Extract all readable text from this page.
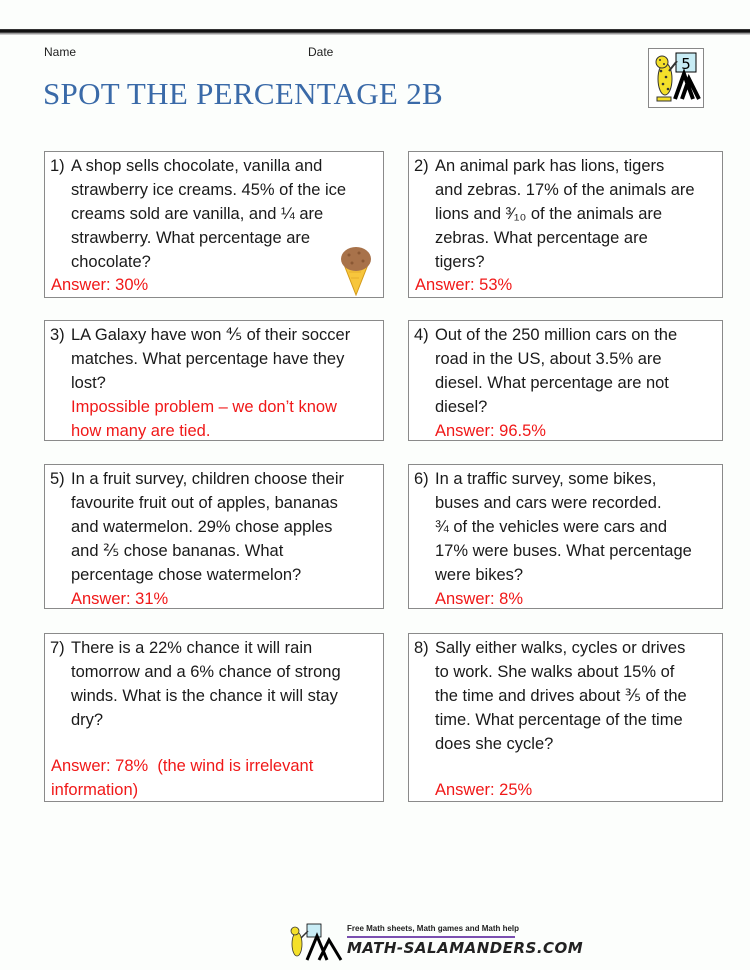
Name	Date
SPOT THE PERCENTAGE 2B
5
1) A shop sells chocolate, vanilla and
strawberry ice creams. 45% of the ice
creams sold are vanilla, and ¼ are
strawberry. What percentage are
chocolate?
Answer: 30%
2) An animal park has lions, tigers
and zebras. 17% of the animals are
lions and ³⁄₁₀ of the animals are
zebras. What percentage are
tigers?
Answer: 53%
3) LA Galaxy have won ⅘ of their soccer
matches. What percentage have they
lost?
Impossible problem – we don’t know
how many are tied.
4) Out of the 250 million cars on the
road in the US, about 3.5% are
diesel. What percentage are not
diesel?
Answer: 96.5%
5) In a fruit survey, children choose their
favourite fruit out of apples, bananas
and watermelon. 29% chose apples
and ⅖ chose bananas. What
percentage chose watermelon?
Answer: 31%
6) In a traffic survey, some bikes,
buses and cars were recorded.
¾ of the vehicles were cars and
17% were buses. What percentage
were bikes?
Answer: 8%
7) There is a 22% chance it will rain
tomorrow and a 6% chance of strong
winds. What is the chance it will stay
dry?
Answer: 78%  (the wind is irrelevant
information)
8) Sally either walks, cycles or drives
to work. She walks about 15% of
the time and drives about ⅗ of the
time. What percentage of the time
does she cycle?
Answer: 25%
Free Math sheets, Math games and Math help
MATH-SALAMANDERS.COM
